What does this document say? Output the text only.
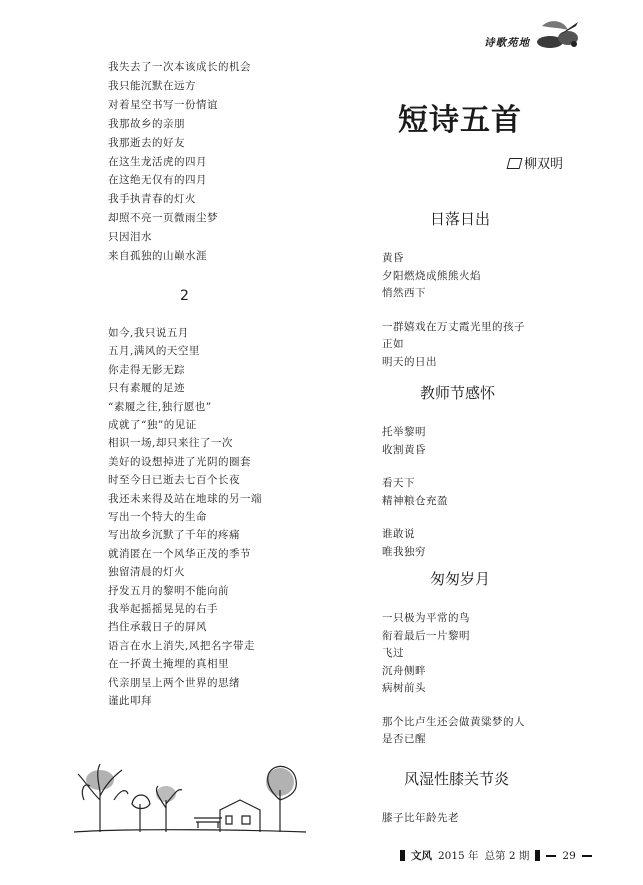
诗歌苑地
我失去了一次本该成长的机会
我只能沉默在远方
对着星空书写一份情谊
我那故乡的亲朋
我那逝去的好友
在这生龙活虎的四月
在这绝无仅有的四月
我手执青春的灯火
却照不亮一页微雨尘梦
只因泪水
来自孤独的山巅水涯
2
如今,我只说五月
五月,满风的天空里
你走得无影无踪
只有素履的足迹
“素履之往,独行愿也”
成就了“独”的见证
相识一场,却只来往了一次
美好的设想掉进了光阴的圈套
时至今日已逝去七百个长夜
我还未来得及站在地球的另一端
写出一个特大的生命
写出故乡沉默了千年的疼痛
就消匿在一个风华正茂的季节
独留清晨的灯火
抒发五月的黎明不能向前
我举起摇摇晃晃的右手
挡住承载日子的屏风
语言在水上消失,风把名字带走
在一抔黄土掩埋的真相里
代亲朋呈上两个世界的思绪
谨此叩拜
短诗五首
柳双明
日落日出
黄昏
夕阳燃烧成熊熊火焰
悄然西下
一群嬉戏在万丈霞光里的孩子
正如
明天的日出
教师节感怀
托举黎明
收割黄昏
看天下
精神粮仓充盈
谁敢说
唯我独穷
匆匆岁月
一只极为平常的鸟
衔着最后一片黎明
飞过
沉舟侧畔
病树前头
那个比卢生还会做黄粱梦的人
是否已醒
风湿性膝关节炎
膝子比年龄先老
文风 2015 年 总第 2 期	29
